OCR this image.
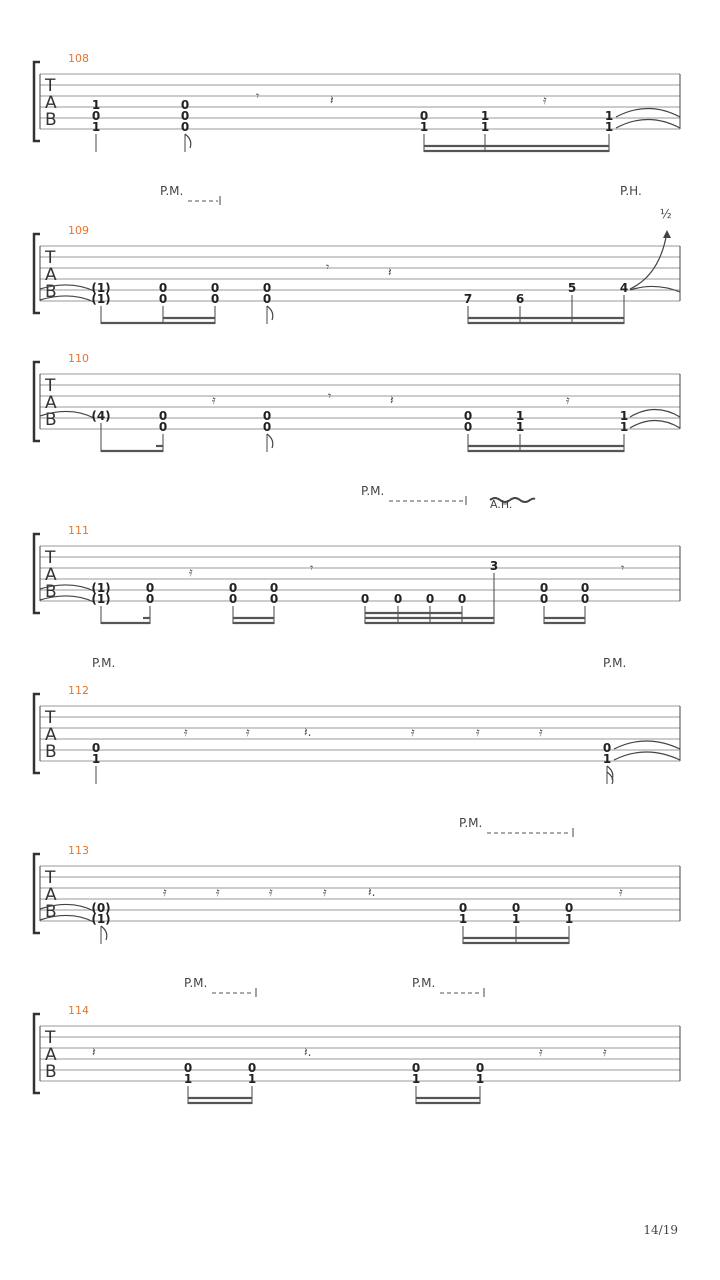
108
T
A
B
1
0
1
0
0
0
𝄾	𝄽	𝄿
0
1
1
1
1
1
P.M.	P.H.
½
109
T
A
B	(1)
(1)
0
0
0
0
0
0
𝄾	𝄽
7	6
5	4
110
T
A
B	(4)	0
0
𝄿
0
0
𝄾	𝄽	𝄿
0
0
1
1
1
1
P.M.
A.H.
111
T
A
B	(1)
(1)
0
0
𝄿
0
0
0
0
𝄾
0 0 0 0
3
0
0
0
0
𝄾
P.M.	P.M.
112
T
A
B	0
1
𝄿	𝄿	𝄽.	𝄿	𝄿	𝄿
0
1
P.M.
113
T
A
B	(0)
(1)
𝄿	𝄿	𝄿	𝄿	𝄽.
0
1
0
1
0
1
𝄿
P.M.	P.M.
114
T
A
B
𝄽
0
1
0
1
𝄽.
0
1
0
1
𝄿	𝄿
14/19
